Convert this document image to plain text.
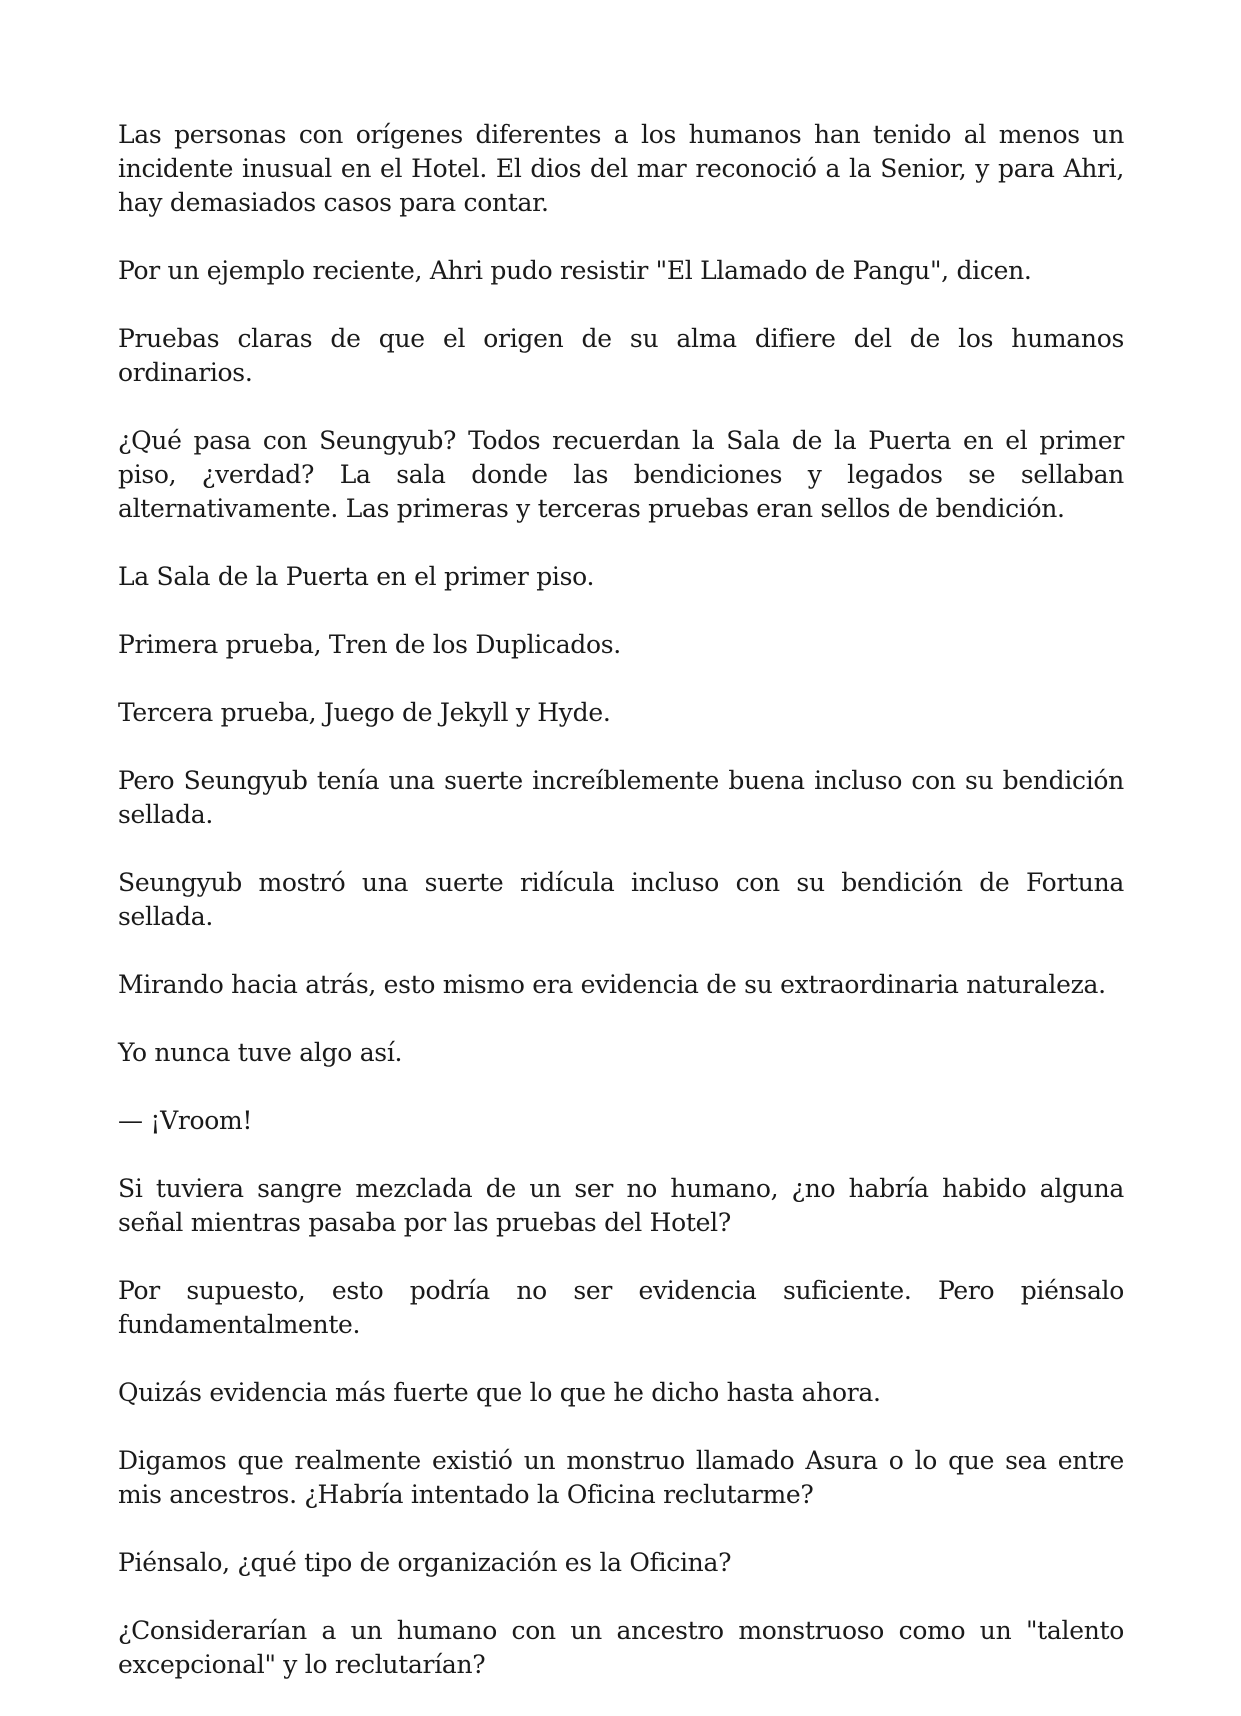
Las personas con orígenes diferentes a los humanos han tenido al menos un incidente inusual en el Hotel. El dios del mar reconoció a la Senior, y para Ahri, hay demasiados casos para contar.

Por un ejemplo reciente, Ahri pudo resistir "El Llamado de Pangu", dicen.

Pruebas claras de que el origen de su alma difiere del de los humanos ordinarios.

¿Qué pasa con Seungyub? Todos recuerdan la Sala de la Puerta en el primer piso, ¿verdad? La sala donde las bendiciones y legados se sellaban alternativamente. Las primeras y terceras pruebas eran sellos de bendición.

La Sala de la Puerta en el primer piso.

Primera prueba, Tren de los Duplicados.

Tercera prueba, Juego de Jekyll y Hyde.

Pero Seungyub tenía una suerte increíblemente buena incluso con su bendición sellada.

Seungyub mostró una suerte ridícula incluso con su bendición de Fortuna sellada.

Mirando hacia atrás, esto mismo era evidencia de su extraordinaria naturaleza.

Yo nunca tuve algo así.

— ¡Vroom!

Si tuviera sangre mezclada de un ser no humano, ¿no habría habido alguna señal mientras pasaba por las pruebas del Hotel?

Por supuesto, esto podría no ser evidencia suficiente. Pero piénsalo fundamentalmente.

Quizás evidencia más fuerte que lo que he dicho hasta ahora.

Digamos que realmente existió un monstruo llamado Asura o lo que sea entre mis ancestros. ¿Habría intentado la Oficina reclutarme?

Piénsalo, ¿qué tipo de organización es la Oficina?

¿Considerarían a un humano con un ancestro monstruoso como un "talento excepcional" y lo reclutarían?
